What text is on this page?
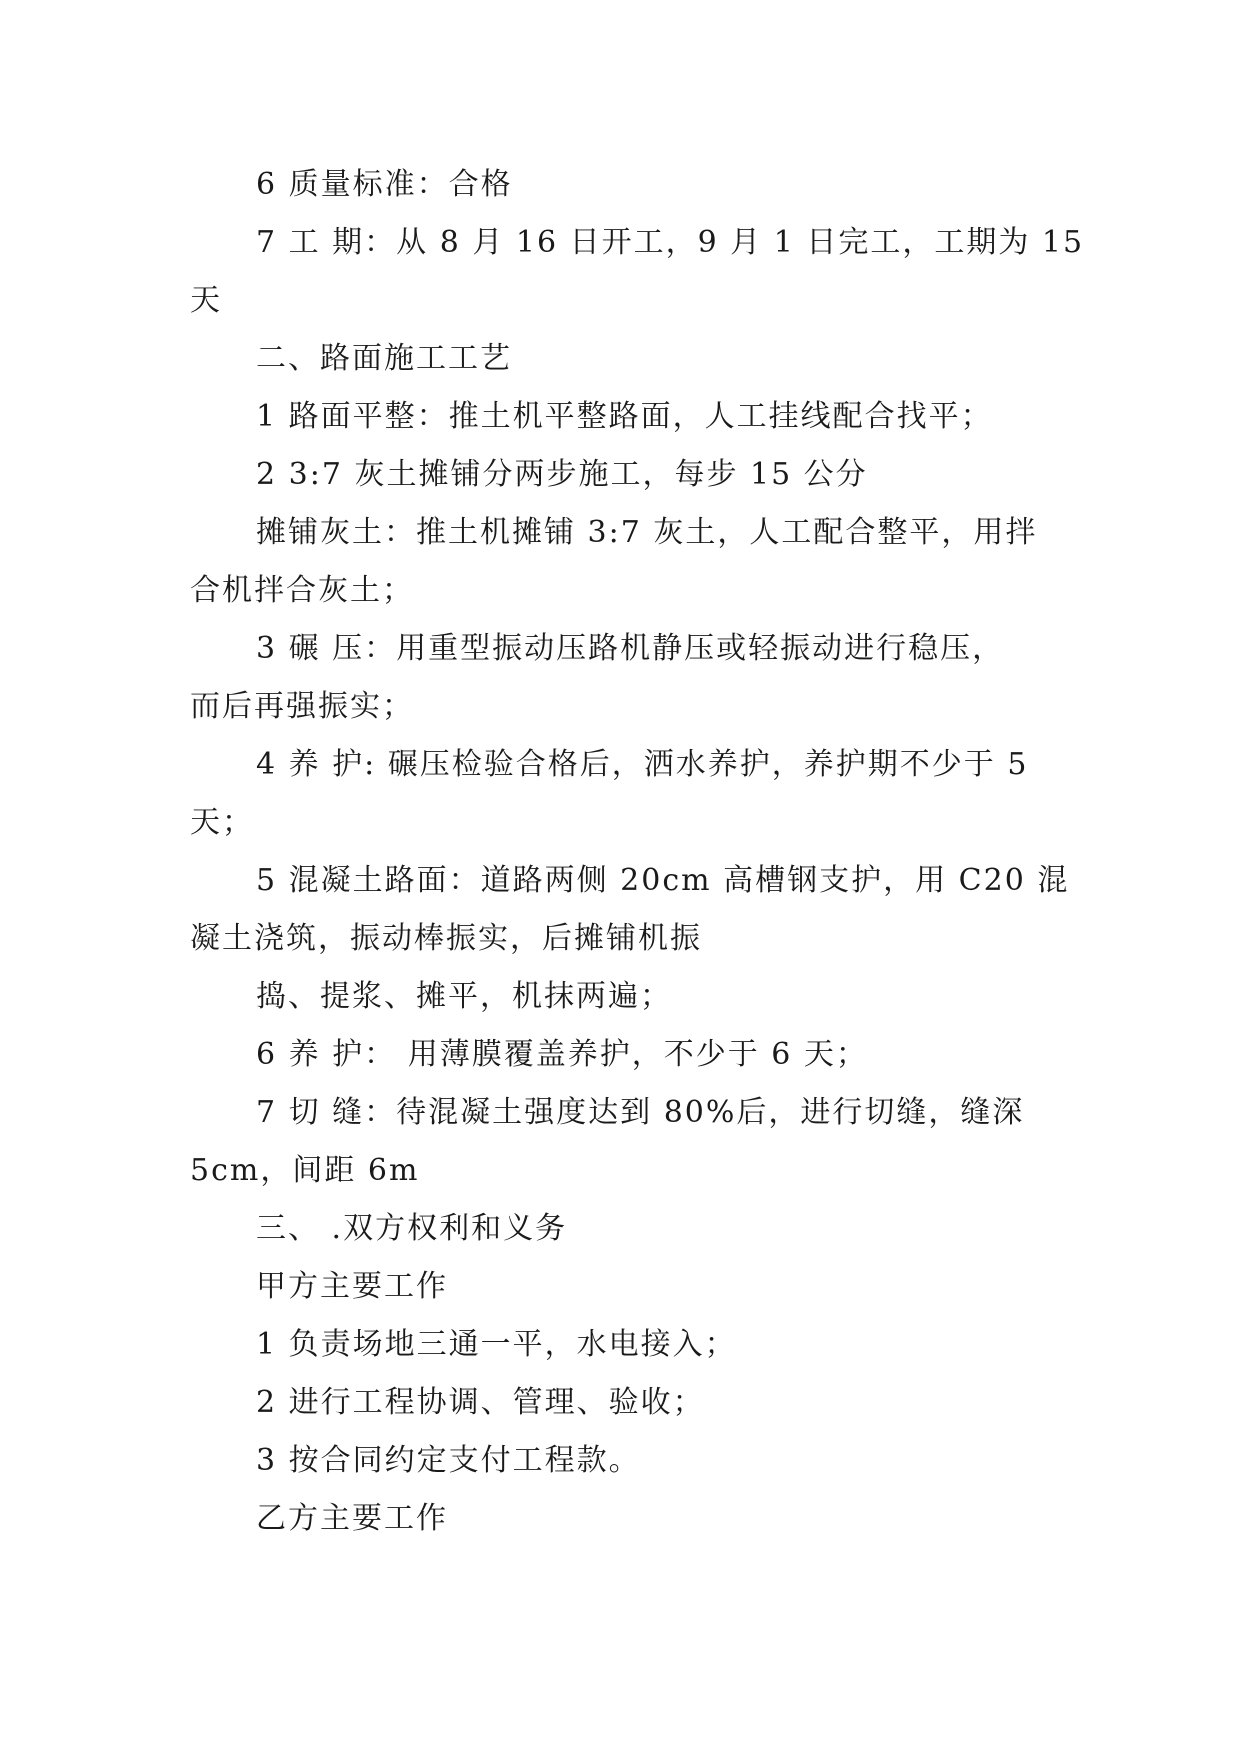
6 质量标准：合格
7 工 期：从 8 月 16 日开工，9 月 1 日完工，工期为 15
天
二、路面施工工艺
1 路面平整：推土机平整路面，人工挂线配合找平；
2 3:7 灰土摊铺分两步施工，每步 15 公分
摊铺灰土：推土机摊铺 3:7 灰土，人工配合整平，用拌
合机拌合灰土；
3 碾 压：用重型振动压路机静压或轻振动进行稳压，
而后再强振实；
4 养 护: 碾压检验合格后，洒水养护，养护期不少于 5
天；
5 混凝土路面：道路两侧 20cm 高槽钢支护，用 C20 混
凝土浇筑，振动棒振实，后摊铺机振
捣、提浆、摊平，机抹两遍；
6 养 护： 用薄膜覆盖养护，不少于 6 天；
7 切 缝：待混凝土强度达到 80%后，进行切缝，缝深
5cm，间距 6m
三、 .双方权利和义务
甲方主要工作
1 负责场地三通一平，水电接入；
2 进行工程协调、管理、验收；
3 按合同约定支付工程款。
乙方主要工作
